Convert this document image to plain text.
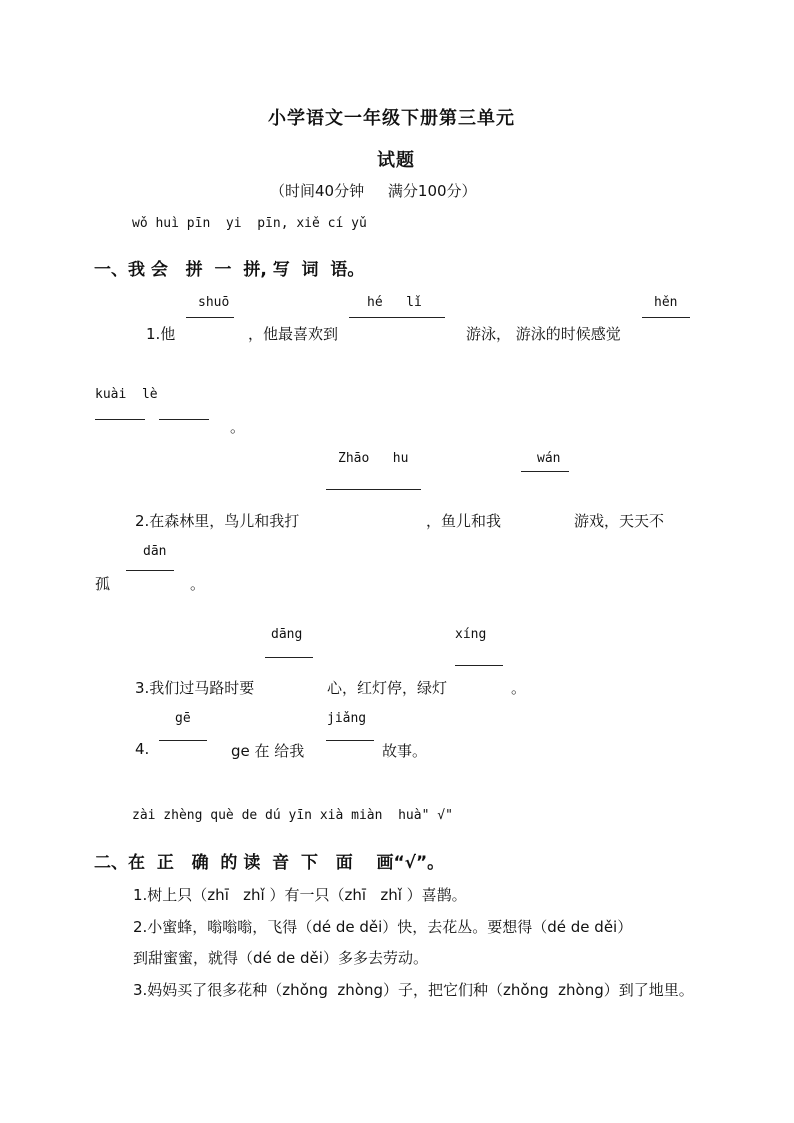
小学语文一年级下册第三单元
试题
（时间40分钟     满分100分）
wǒ huì pīn  yi  pīn, xiě cí yǔ
一、我 会   拼  一  拼, 写  词  语。
shuō	hé   lǐ	hěn
1.他	，他最喜欢到	游泳， 游泳的时候感觉
kuài  lè
。
Zhāo   hu	wán
2.在森林里，鸟儿和我打	，鱼儿和我	游戏，天天不
dān
孤	。
dāng	xíng
3.我们过马路时要	心，红灯停，绿灯	。
gē	jiǎng
4.	ge 在 给我	故事。
zài zhèng què de dú yīn xià miàn  huà" √"
二、在  正   确  的 读  音  下   面    画“√”。
1.树上只（zhī   zhǐ ）有一只（zhī   zhǐ ）喜鹊。
2.小蜜蜂，嗡嗡嗡，飞得（dé de děi）快，去花丛。要想得（dé de děi）
到甜蜜蜜，就得（dé de děi）多多去劳动。
3.妈妈买了很多花种（zhǒng  zhòng）子，把它们种（zhǒng  zhòng）到了地里。
